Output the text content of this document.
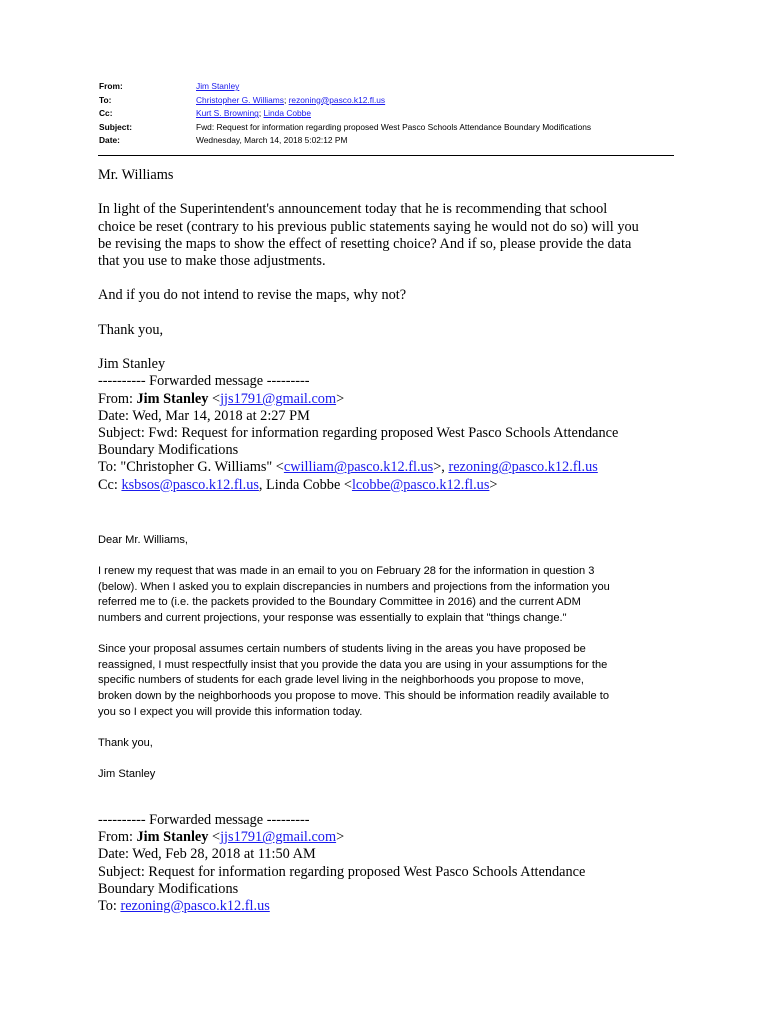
From:	Jim Stanley
To:	Christopher G. Williams; rezoning@pasco.k12.fl.us
Cc:	Kurt S. Browning; Linda Cobbe
Subject:	Fwd: Request for information regarding proposed West Pasco Schools Attendance Boundary Modifications
Date:	Wednesday, March 14, 2018 5:02:12 PM

Mr. Williams

In light of the Superintendent's announcement today that he is recommending that school

choice be reset (contrary to his previous public statements saying he would not do so) will you

be revising the maps to show the effect of resetting choice? And if so, please provide the data

that you use to make those adjustments.

And if you do not intend to revise the maps, why not?

Thank you,

Jim Stanley

---------- Forwarded message ---------

From: Jim Stanley <jjs1791@gmail.com>

Date: Wed, Mar 14, 2018 at 2:27 PM

Subject: Fwd: Request for information regarding proposed West Pasco Schools Attendance

Boundary Modifications

To: "Christopher G. Williams" <cwilliam@pasco.k12.fl.us>, rezoning@pasco.k12.fl.us

Cc: ksbsos@pasco.k12.fl.us, Linda Cobbe <lcobbe@pasco.k12.fl.us>

Dear Mr. Williams,

I renew my request that was made in an email to you on February 28 for the information in question 3

(below). When I asked you to explain discrepancies in numbers and projections from the information you

referred me to (i.e. the packets provided to the Boundary Committee in 2016) and the current ADM

numbers and current projections, your response was essentially to explain that "things change."

Since your proposal assumes certain numbers of students living in the areas you have proposed be

reassigned, I must respectfully insist that you provide the data you are using in your assumptions for the

specific numbers of students for each grade level living in the neighborhoods you propose to move,

broken down by the neighborhoods you propose to move. This should be information readily available to

you so I expect you will provide this information today.

Thank you,

Jim Stanley

---------- Forwarded message ---------

From: Jim Stanley <jjs1791@gmail.com>

Date: Wed, Feb 28, 2018 at 11:50 AM

Subject: Request for information regarding proposed West Pasco Schools Attendance

Boundary Modifications

To: rezoning@pasco.k12.fl.us
